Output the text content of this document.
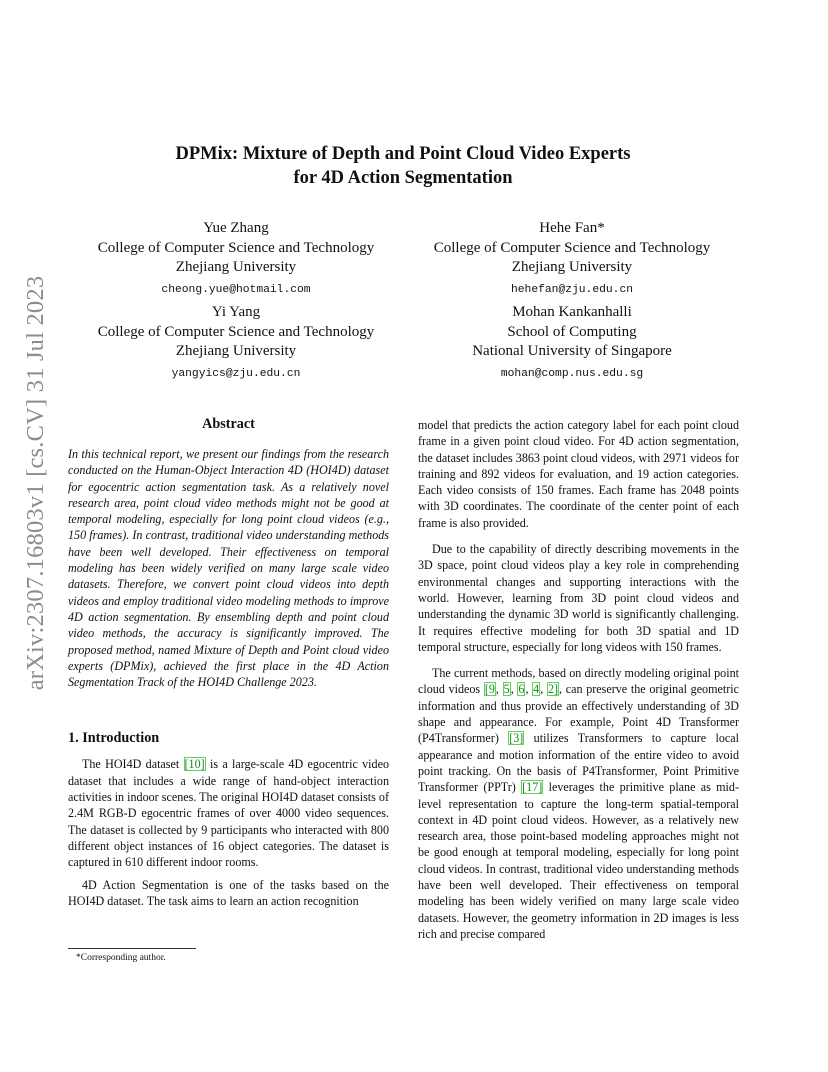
arXiv:2307.16803v1 [cs.CV] 31 Jul 2023
DPMix: Mixture of Depth and Point Cloud Video Experts
for 4D Action Segmentation
Yue Zhang
College of Computer Science and Technology
Zhejiang University
cheong.yue@hotmail.com
Hehe Fan*
College of Computer Science and Technology
Zhejiang University
hehefan@zju.edu.cn
Yi Yang
College of Computer Science and Technology
Zhejiang University
yangyics@zju.edu.cn
Mohan Kankanhalli
School of Computing
National University of Singapore
mohan@comp.nus.edu.sg
Abstract

In this technical report, we present our findings from the research conducted on the Human-Object Interaction 4D (HOI4D) dataset for egocentric action segmentation task. As a relatively novel research area, point cloud video methods might not be good at temporal modeling, especially for long point cloud videos (e.g., 150 frames). In contrast, traditional video understanding methods have been well developed. Their effectiveness on temporal modeling has been widely verified on many large scale video datasets. Therefore, we convert point cloud videos into depth videos and employ traditional video modeling methods to improve 4D action segmentation. By ensembling depth and point cloud video methods, the accuracy is significantly improved. The proposed method, named Mixture of Depth and Point cloud video experts (DPMix), achieved the first place in the 4D Action Segmentation Track of the HOI4D Challenge 2023.

1. Introduction

The HOI4D dataset [10] is a large-scale 4D egocentric video dataset that includes a wide range of hand-object interaction activities in indoor scenes. The original HOI4D dataset consists of 2.4M RGB-D egocentric frames of over 4000 video sequences. The dataset is collected by 9 participants who interacted with 800 different object instances of 16 object categories. The dataset is captured in 610 different indoor rooms.

4D Action Segmentation is one of the tasks based on the HOI4D dataset. The task aims to learn an action recognition

model that predicts the action category label for each point cloud frame in a given point cloud video. For 4D action segmentation, the dataset includes 3863 point cloud videos, with 2971 videos for training and 892 videos for evaluation, and 19 action categories. Each video consists of 150 frames. Each frame has 2048 points with 3D coordinates. The coordinate of the center point of each frame is also provided.

Due to the capability of directly describing movements in the 3D space, point cloud videos play a key role in comprehending environmental changes and supporting interactions with the world. However, learning from 3D point cloud videos and understanding the dynamic 3D world is significantly challenging. It requires effective modeling for both 3D spatial and 1D temporal structure, especially for long videos with 150 frames.

The current methods, based on directly modeling original point cloud videos [9, 5, 6, 4, 2], can preserve the original geometric information and thus provide an effectively understanding of 3D shape and appearance. For example, Point 4D Transformer (P4Transformer) [3] utilizes Transformers to capture local appearance and motion information of the entire video to avoid point tracking. On the basis of P4Transformer, Point Primitive Transformer (PPTr) [17] leverages the primitive plane as mid-level representation to capture the long-term spatial-temporal context in 4D point cloud videos. However, as a relatively new research area, those point-based modeling approaches might not be good enough at temporal modeling, especially for long point cloud videos. In contrast, traditional video understanding methods have been well developed. Their effectiveness on temporal modeling has been widely verified on many large scale video datasets. However, the geometry information in 2D images is less rich and precise compared

*Corresponding author.
